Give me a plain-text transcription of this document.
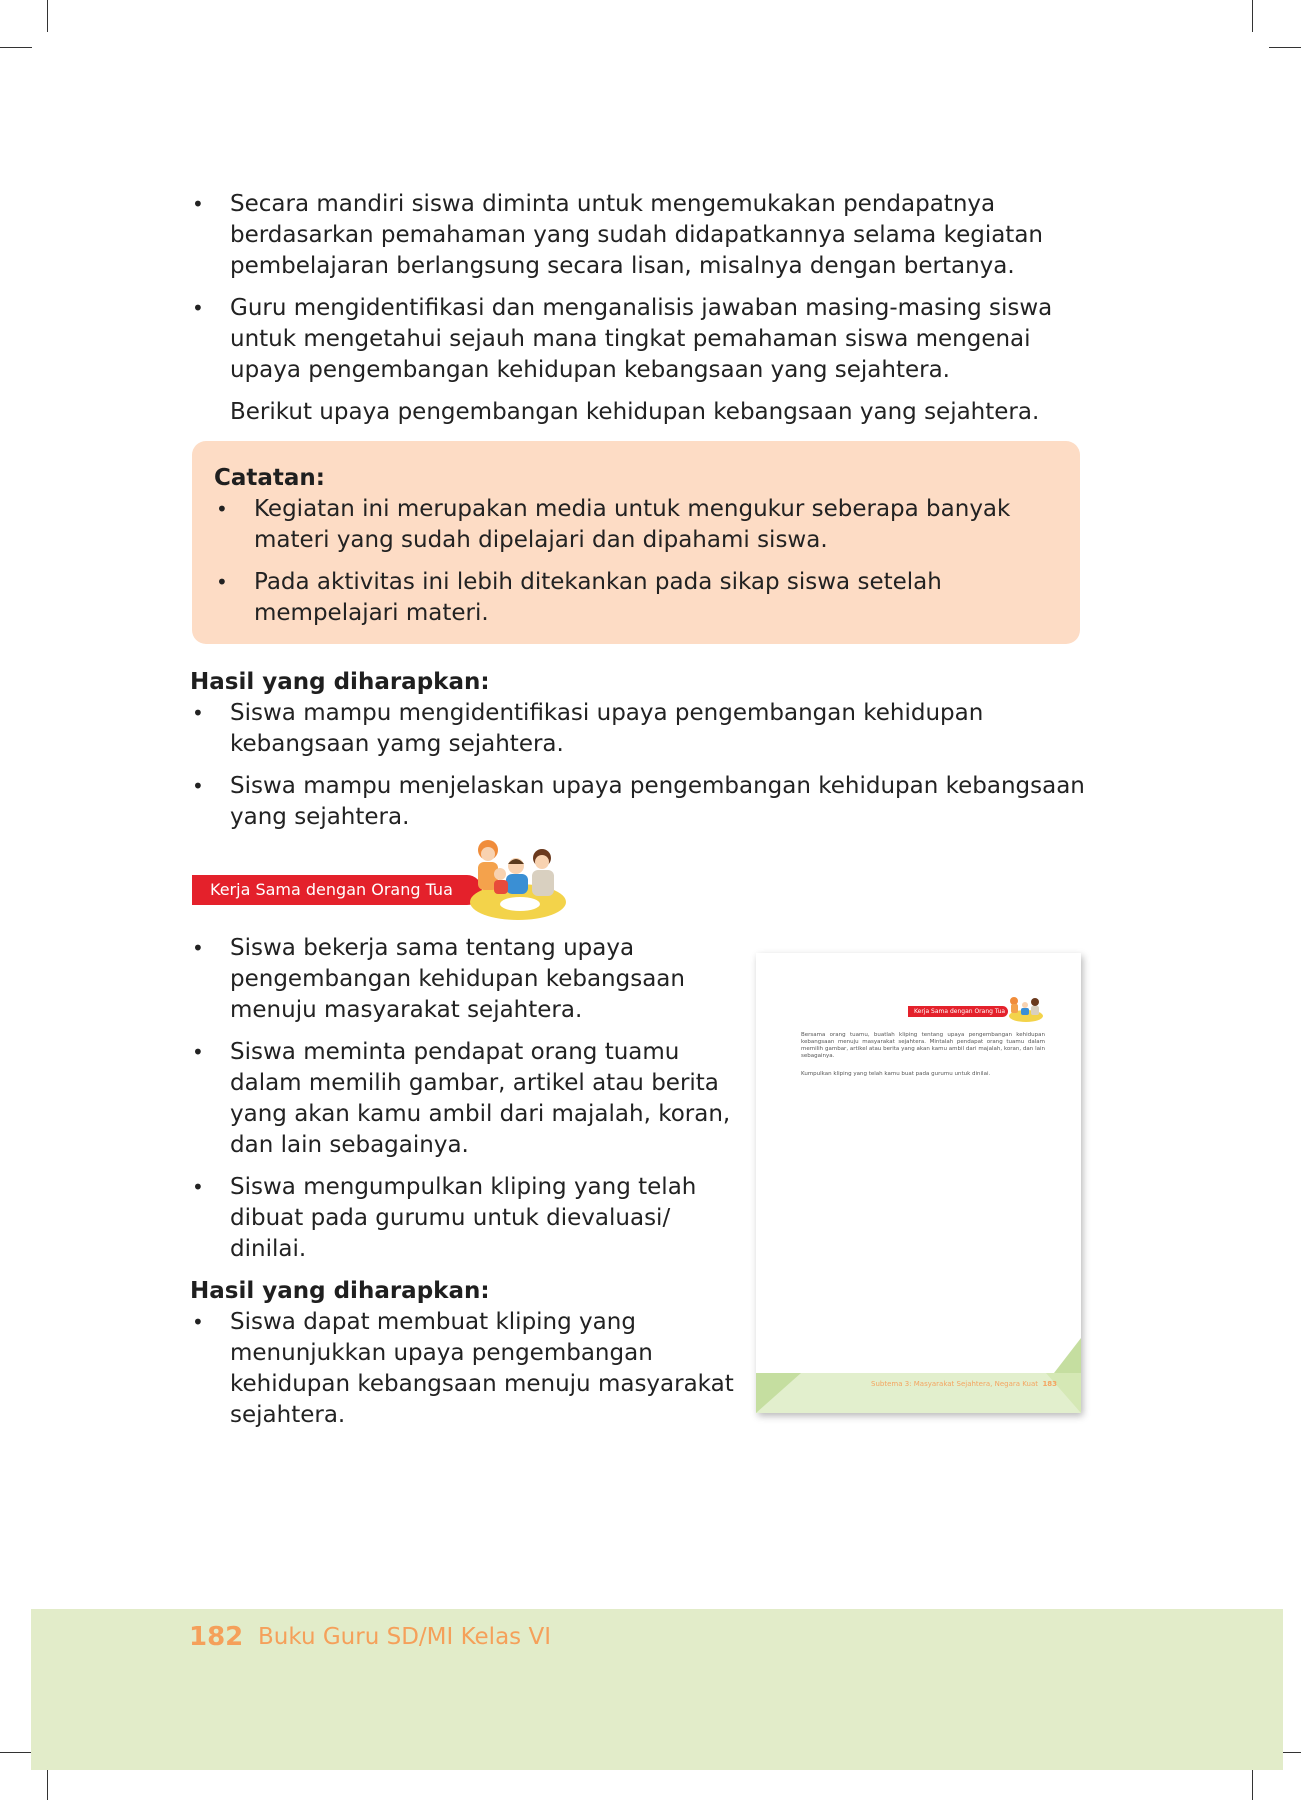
• Secara mandiri siswa diminta untuk mengemukakan pendapatnya berdasarkan pemahaman yang sudah didapatkannya selama kegiatan pembelajaran berlangsung secara lisan, misalnya dengan bertanya.
• Guru mengidentifikasi dan menganalisis jawaban masing-masing siswa untuk mengetahui sejauh mana tingkat pemahaman siswa mengenai upaya pengembangan kehidupan kebangsaan yang sejahtera.
Berikut upaya pengembangan kehidupan kebangsaan yang sejahtera.
Catatan:
• Kegiatan ini merupakan media untuk mengukur seberapa banyak materi yang sudah dipelajari dan dipahami siswa.
• Pada aktivitas ini lebih ditekankan pada sikap siswa setelah mempelajari materi.
Hasil yang diharapkan:
• Siswa mampu mengidentifikasi upaya pengembangan kehidupan kebangsaan yamg sejahtera.
• Siswa mampu menjelaskan upaya pengembangan kehidupan kebangsaan yang sejahtera.
Kerja Sama dengan Orang Tua
• Siswa bekerja sama tentang upaya pengembangan kehidupan kebangsaan menuju masyarakat sejahtera.
• Siswa meminta pendapat orang tuamu dalam memilih gambar, artikel atau berita yang akan kamu ambil dari majalah, koran, dan lain sebagainya.
• Siswa mengumpulkan kliping yang telah dibuat pada gurumu untuk dievaluasi/ dinilai.
Hasil yang diharapkan:
• Siswa dapat membuat kliping yang menunjukkan upaya pengembangan kehidupan kebangsaan menuju masyarakat sejahtera.
Kerja Sama dengan Orang Tua
Bersama orang tuamu, buatlah kliping tentang upaya pengembangan kehidupan kebangsaan menuju masyarakat sejahtera. Mintalah pendapat orang tuamu dalam memilih gambar, artikel atau berita yang akan kamu ambil dari majalah, koran, dan lain sebagainya.
Kumpulkan kliping yang telah kamu buat pada gurumu untuk dinilai.
Subtema 3: Masyarakat Sejahtera, Negara Kuat 183
182 Buku Guru SD/MI Kelas VI
